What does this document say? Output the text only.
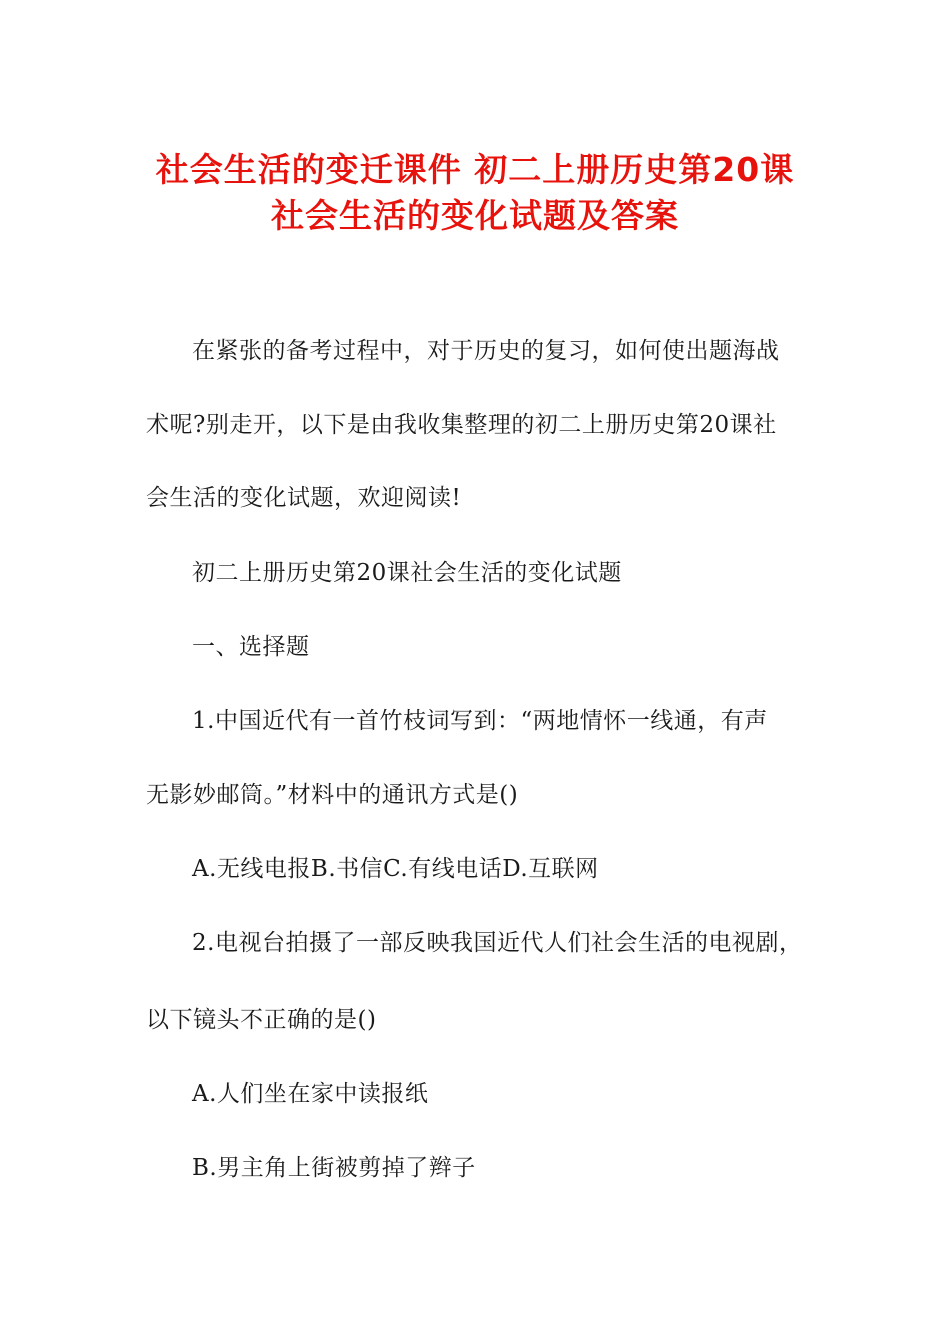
社会生活的变迁课件 初二上册历史第20课
社会生活的变化试题及答案
在紧张的备考过程中，对于历史的复习，如何使出题海战
术呢?别走开，以下是由我收集整理的初二上册历史第20课社
会生活的变化试题，欢迎阅读!
初二上册历史第20课社会生活的变化试题
一、选择题
1.中国近代有一首竹枝词写到：“两地情怀一线通，有声
无影妙邮筒。”材料中的通讯方式是()
A.无线电报B.书信C.有线电话D.互联网
2.电视台拍摄了一部反映我国近代人们社会生活的电视剧，
以下镜头不正确的是()
A.人们坐在家中读报纸
B.男主角上街被剪掉了辫子
